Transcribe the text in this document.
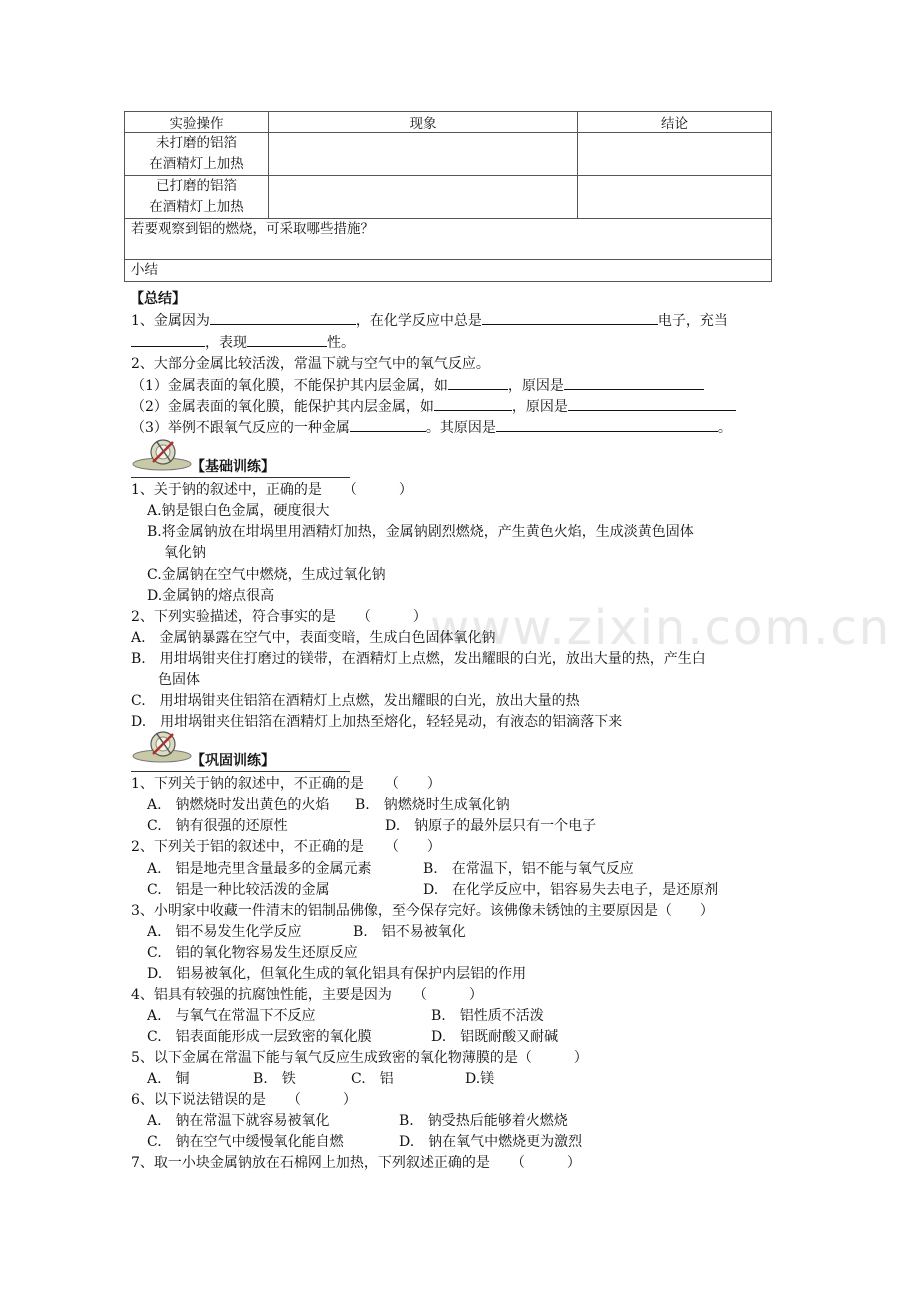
www.zixin.com.cn
实验操作	现象	结论

未打磨的铝箔
在酒精灯上加热		

已打磨的铝箔
在酒精灯上加热		

若要观察到铝的燃烧，可采取哪些措施？		
小结		
【总结】
1、金属因为	，在化学反应中总是	电子，充当
，表现	性。
2、大部分金属比较活泼，常温下就与空气中的氧气反应。
（1）金属表面的氧化膜，不能保护其内层金属，如	，原因是
（2）金属表面的氧化膜，能保护其内层金属，如	，原因是
（3）举例不跟氧气反应的一种金属	。其原因是	。
【基础训练】
1、关于钠的叙述中，正确的是　　（　　　）
A.钠是银白色金属，硬度很大
B.将金属钠放在坩埚里用酒精灯加热，金属钠剧烈燃烧，产生黄色火焰，生成淡黄色固体
氧化钠
C.金属钠在空气中燃烧，生成过氧化钠
D.金属钠的熔点很高
2、下列实验描述，符合事实的是　　（　　　）
A.　金属钠暴露在空气中，表面变暗，生成白色固体氧化钠
B.　用坩埚钳夹住打磨过的镁带，在酒精灯上点燃，发出耀眼的白光，放出大量的热，产生白
色固体
C.　用坩埚钳夹住铝箔在酒精灯上点燃，发出耀眼的白光，放出大量的热
D.　用坩埚钳夹住铝箔在酒精灯上加热至熔化，轻轻晃动，有液态的铝滴落下来
【巩固训练】
1、下列关于钠的叙述中，不正确的是　　（　　）
A.　钠燃烧时发出黄色的火焰 B.　钠燃烧时生成氧化钠
C.　钠有很强的还原性	D.　钠原子的最外层只有一个电子
2、下列关于铝的叙述中，不正确的是　　（　　）
A.　铝是地壳里含量最多的金属元素	B.　在常温下，铝不能与氧气反应
C.　铝是一种比较活泼的金属	D.　在化学反应中，铝容易失去电子，是还原剂
3、小明家中收藏一件清末的铝制品佛像，至今保存完好。该佛像未锈蚀的主要原因是（　　）
A.　铝不易发生化学反应	B.　铝不易被氧化
C.　铝的氧化物容易发生还原反应
D.　铝易被氧化，但氧化生成的氧化铝具有保护内层铝的作用
4、铝具有较强的抗腐蚀性能，主要是因为　　（　　　）
A.　与氧气在常温下不反应	B.　铝性质不活泼
C.　铝表面能形成一层致密的氧化膜	D.　铝既耐酸又耐碱
5、以下金属在常温下能与氧气反应生成致密的氧化物薄膜的是（　　　）
A.　铜	B.　铁	C.　铝	D.镁
6、以下说法错误的是　　（　　　）
A.　钠在常温下就容易被氧化	B.　钠受热后能够着火燃烧
C.　钠在空气中缓慢氧化能自燃	D.　钠在氧气中燃烧更为激烈
7、取一小块金属钠放在石棉网上加热，下列叙述正确的是　　（　　　）
